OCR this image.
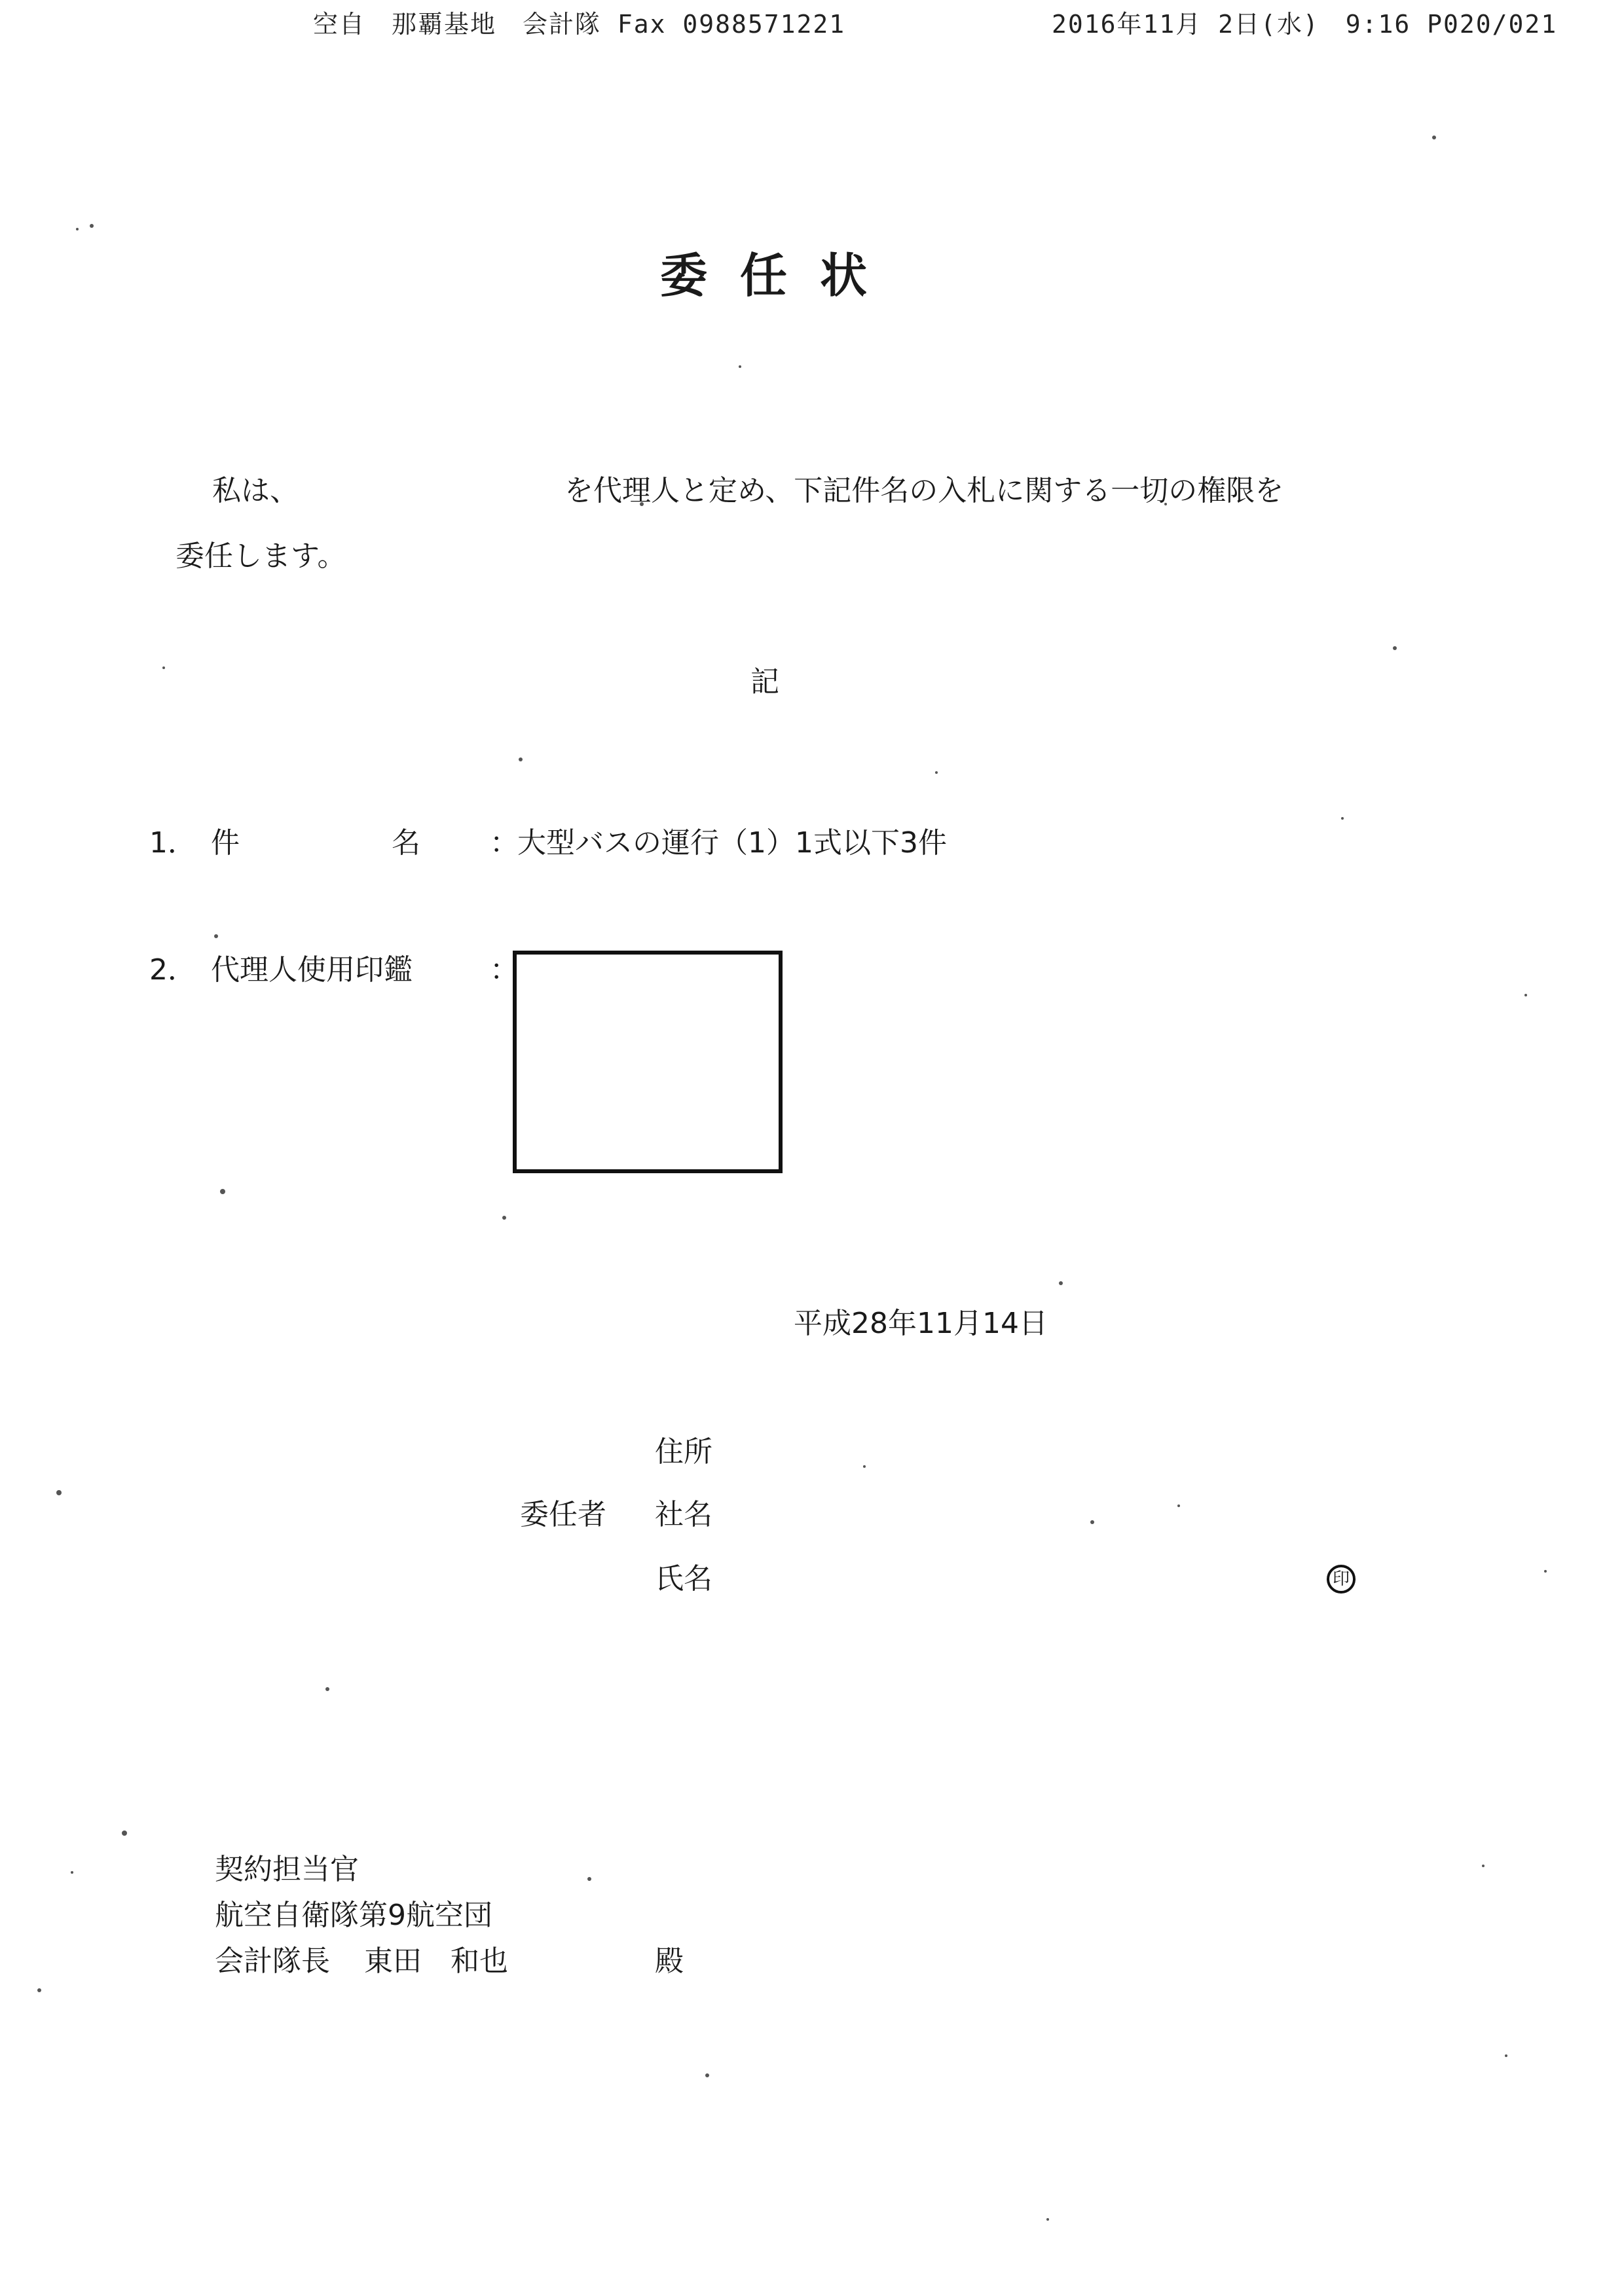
空自　那覇基地　会計隊 Fax 0988571221	2016年11月 2日(水)　9:16 P020/021
委任状
私は、	を代理人と定め、下記件名の入札に関する一切の権限を
委任します。
記
1． 件	名 ：
大型バスの運行（1）1式以下3件
2． 代理人使用印鑑	：
平成28年11月14日
住所
委任者 社名
氏名	印
契約担当官
航空自衛隊第9航空団
会計隊長 東田　和也	殿
